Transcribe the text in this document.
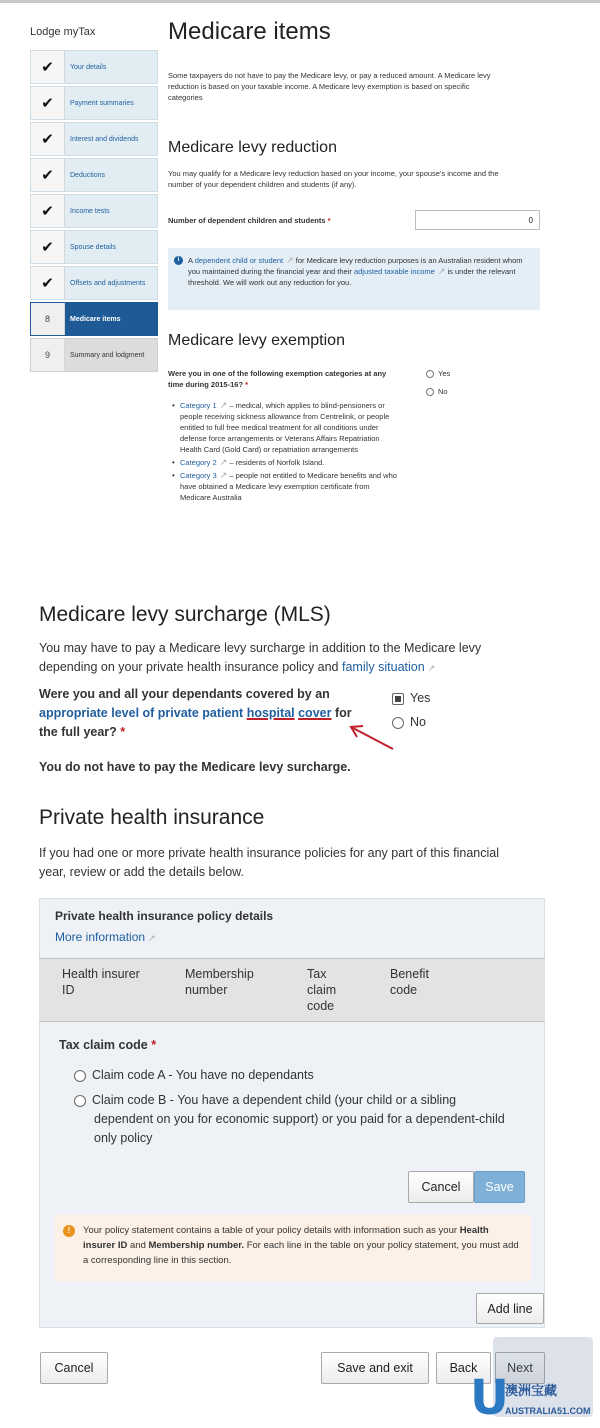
Lodge myTax
✔	Your details
✔	Payment summaries
✔	Interest and dividends
✔	Deductions
✔	Income tests
✔	Spouse details
✔	Offsets and adjustments
8	Medicare items
9	Summary and lodgment
Medicare items
Some taxpayers do not have to pay the Medicare levy, or pay a reduced amount. A Medicare levy reduction is based on your taxable income. A Medicare levy exemption is based on specific categories
Medicare levy reduction
You may qualify for a Medicare levy reduction based on your income, your spouse's income and the number of your dependent children and students (if any).
Number of dependent children and students *	0
i	A dependent child or student ↗ for Medicare levy reduction purposes is an Australian resident whom you maintained during the financial year and their adjusted taxable income ↗ is under the relevant threshold. We will work out any reduction for you.
Medicare levy exemption
Were you in one of the following exemption categories at any time during 2015-16? *
Yes
No
• Category 1 ↗ – medical, which applies to blind-pensioners or people receiving sickness allowance from Centrelink, or people entitled to full free medical treatment for all conditions under defense force arrangements or Veterans Affairs Repatriation Health Card (Gold Card) or repatriation arrangements
• Category 2 ↗ – residents of Norfolk Island.
• Category 3 ↗ – people not entitled to Medicare benefits and who have obtained a Medicare levy exemption certificate from Medicare Australia
Medicare levy surcharge (MLS)
You may have to pay a Medicare levy surcharge in addition to the Medicare levy depending on your private health insurance policy and family situation ↗
Were you and all your dependants covered by an appropriate level of private patient hospital cover for the full year? *
Yes
No
You do not have to pay the Medicare levy surcharge.
Private health insurance
If you had one or more private health insurance policies for any part of this financial year, review or add the details below.
Private health insurance policy details
More information ↗
Health insurer ID
Membership number
Tax claim code
Benefit code
Tax claim code *
Claim code A - You have no dependants
Claim code B - You have a dependent child (your child or a sibling dependent on you for economic support) or you paid for a dependent-child only policy
Cancel	Save
!	Your policy statement contains a table of your policy details with information such as your Health insurer ID and Membership number. For each line in the table on your policy statement, you must add a corresponding line in this section.
Add line
Cancel	Save and exit	Back	Next
U
澳洲宝藏
AUSTRALIA51.COM
